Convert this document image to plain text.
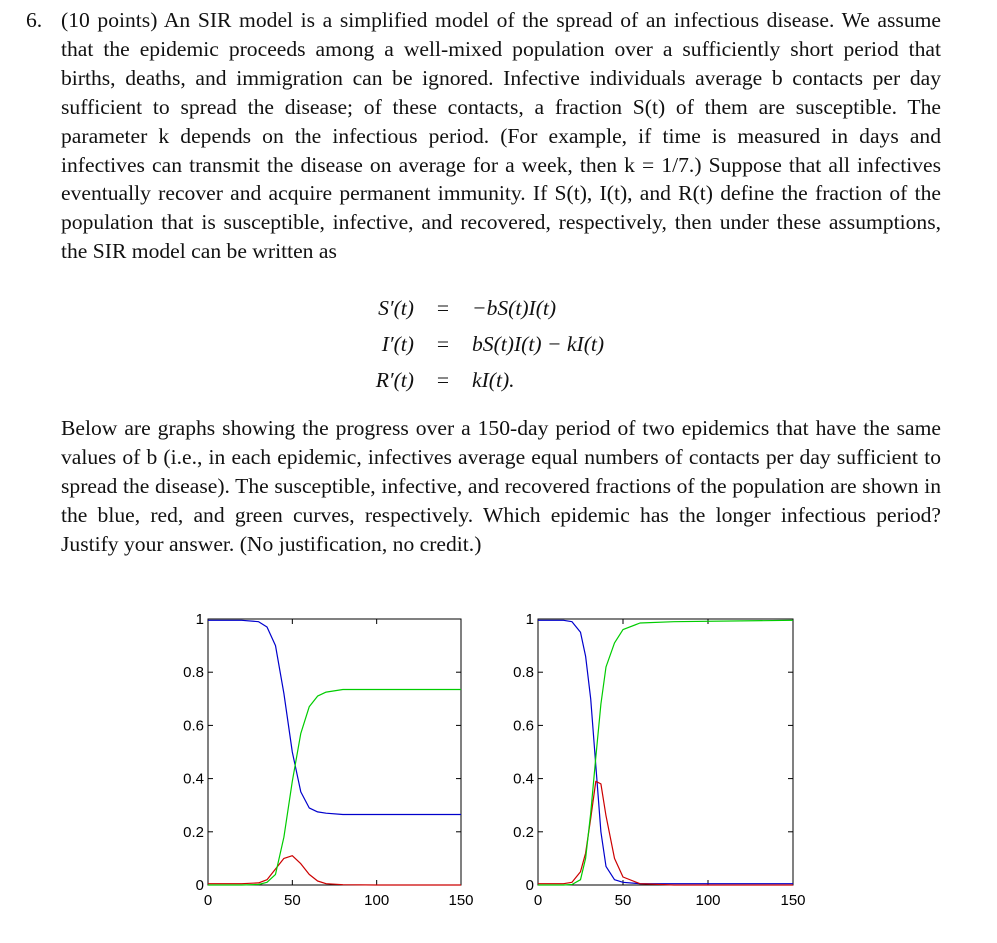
6. (10 points) An SIR model is a simplified model of the spread of an infectious disease. We assume that the epidemic proceeds among a well-mixed population over a sufficiently short period that births, deaths, and immigration can be ignored. Infective individuals average b contacts per day sufficient to spread the disease; of these contacts, a fraction S(t) of them are susceptible. The parameter k depends on the infectious period. (For example, if time is measured in days and infectives can transmit the disease on average for a week, then k = 1/7.) Suppose that all infectives eventually recover and acquire permanent immunity. If S(t), I(t), and R(t) define the fraction of the population that is susceptible, infective, and recovered, respectively, then under these assumptions, the SIR model can be written as
S′(t)	=	−bS(t)I(t)
I′(t)	=	bS(t)I(t) − kI(t)
R′(t)	=	kI(t).
Below are graphs showing the progress over a 150-day period of two epidemics that have the same values of b (i.e., in each epidemic, infectives average equal numbers of contacts per day sufficient to spread the disease). The susceptible, infective, and recovered fractions of the population are shown in the blue, red, and green curves, respectively. Which epidemic has the longer infectious period? Justify your answer. (No justification, no credit.)
0	50	100	150
0
0.2
0.4
0.6
0.8
1
0	50	100	150
0
0.2
0.4
0.6
0.8
1
